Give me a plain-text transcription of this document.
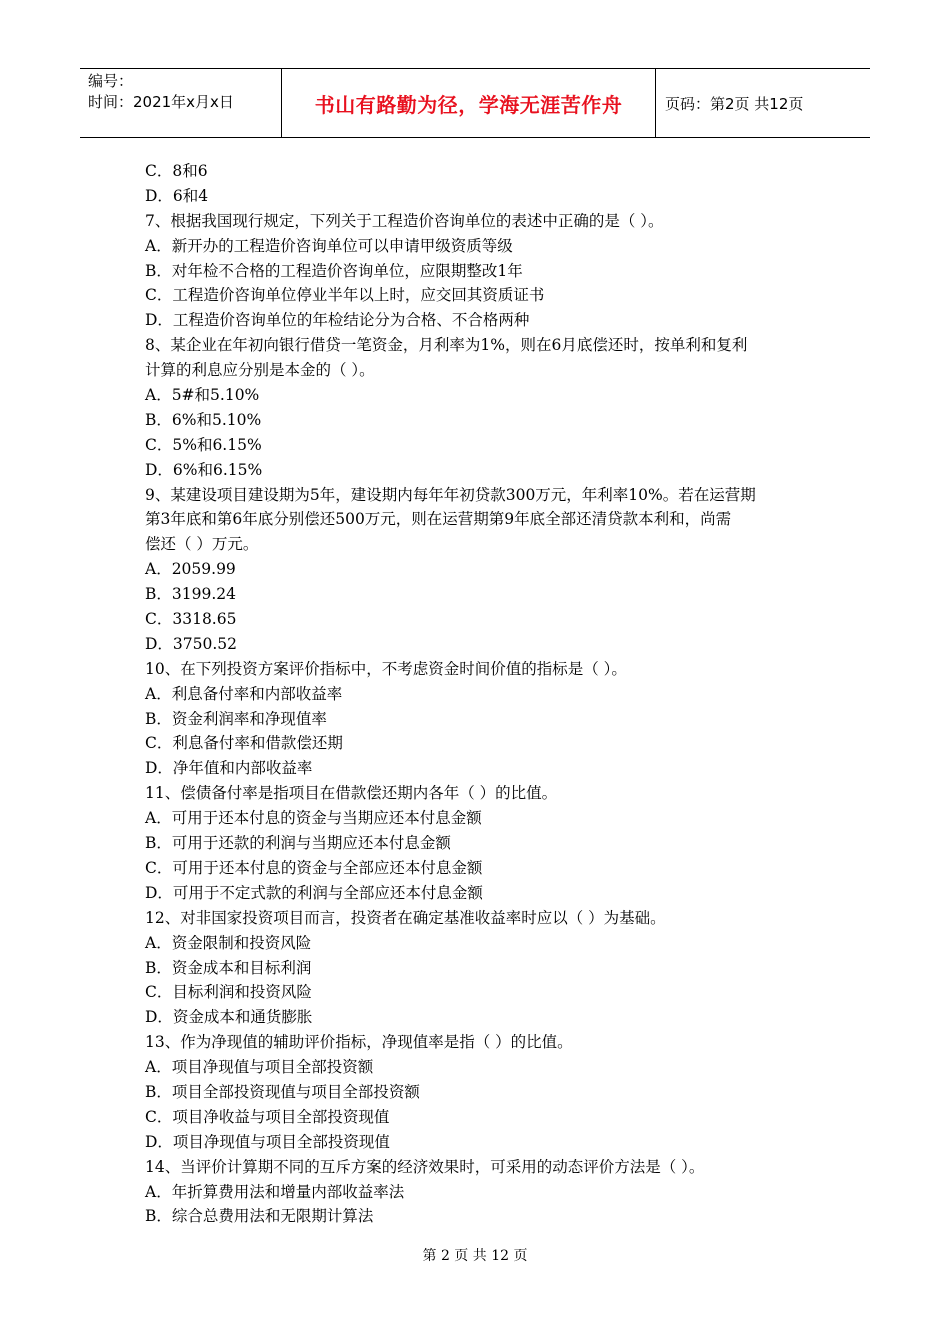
编号：
时间：2021年x月x日	书山有路勤为径，学海无涯苦作舟	页码：第2页 共12页
C．8和6
D．6和4
7、根据我国现行规定，下列关于工程造价咨询单位的表述中正确的是（ ）。
A．新开办的工程造价咨询单位可以申请甲级资质等级
B．对年检不合格的工程造价咨询单位，应限期整改1年
C．工程造价咨询单位停业半年以上时，应交回其资质证书
D．工程造价咨询单位的年检结论分为合格、不合格两种
8、某企业在年初向银行借贷一笔资金，月利率为1%，则在6月底偿还时，按单利和复利
计算的利息应分别是本金的（ ）。
A．5#和5.10%
B．6%和5.10%
C．5%和6.15%
D．6%和6.15%
9、某建设项目建设期为5年，建设期内每年年初贷款300万元，年利率10%。若在运营期
第3年底和第6年底分别偿还500万元，则在运营期第9年底全部还清贷款本利和，尚需
偿还（ ）万元。
A．2059.99
B．3199.24
C．3318.65
D．3750.52
10、在下列投资方案评价指标中，不考虑资金时间价值的指标是（ ）。
A．利息备付率和内部收益率
B．资金利润率和净现值率
C．利息备付率和借款偿还期
D．净年值和内部收益率
11、偿债备付率是指项目在借款偿还期内各年（ ）的比值。
A．可用于还本付息的资金与当期应还本付息金额
B．可用于还款的利润与当期应还本付息金额
C．可用于还本付息的资金与全部应还本付息金额
D．可用于不定式款的利润与全部应还本付息金额
12、对非国家投资项目而言，投资者在确定基准收益率时应以（ ）为基础。
A．资金限制和投资风险
B．资金成本和目标利润
C．目标利润和投资风险
D．资金成本和通货膨胀
13、作为净现值的辅助评价指标，净现值率是指（ ）的比值。
A．项目净现值与项目全部投资额
B．项目全部投资现值与项目全部投资额
C．项目净收益与项目全部投资现值
D．项目净现值与项目全部投资现值
14、当评价计算期不同的互斥方案的经济效果时，可采用的动态评价方法是（ ）。
A．年折算费用法和增量内部收益率法
B．综合总费用法和无限期计算法
第 2 页 共 12 页
